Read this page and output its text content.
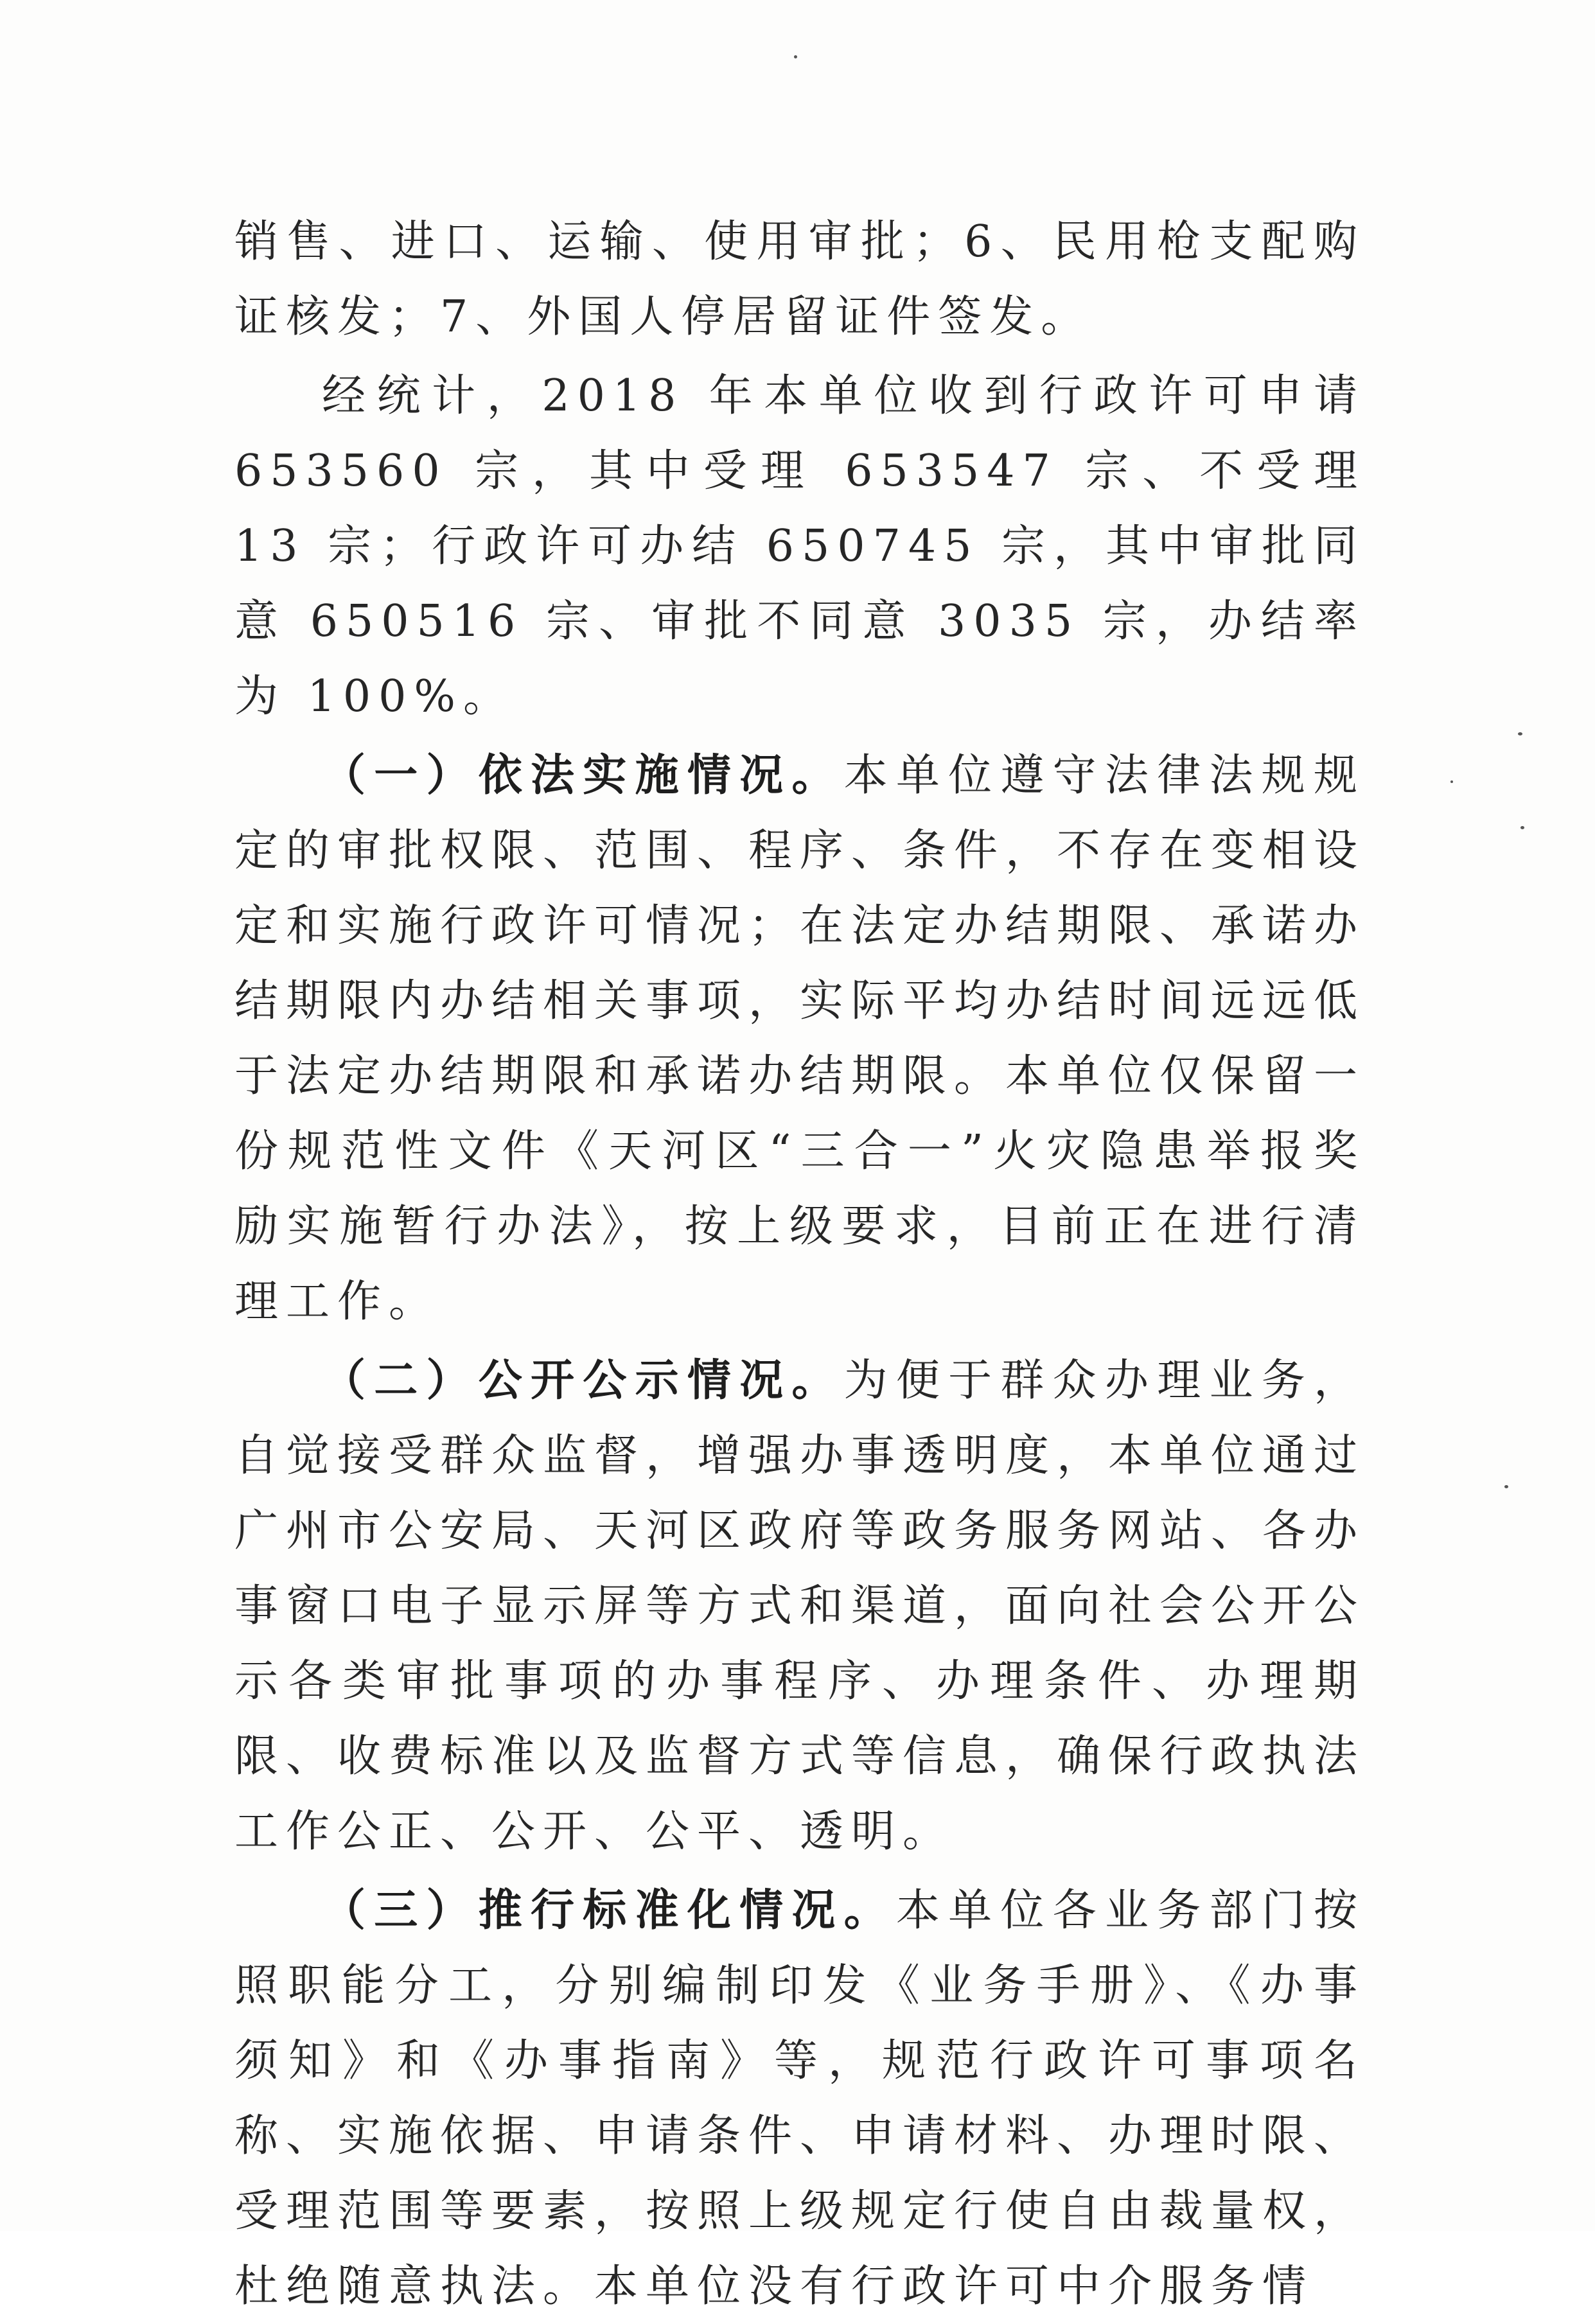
销售、进口、运输、使用审批；6、民用枪支配购证核发；7、外国人停居留证件签发。

经统计，2018 年本单位收到行政许可申请 653560 宗，其中受理 653547 宗、不受理 13 宗；行政许可办结 650745 宗，其中审批同意 650516 宗、审批不同意 3035 宗，办结率为 100%。

（一）依法实施情况。本单位遵守法律法规规定的审批权限、范围、程序、条件，不存在变相设定和实施行政许可情况；在法定办结期限、承诺办结期限内办结相关事项，实际平均办结时间远远低于法定办结期限和承诺办结期限。本单位仅保留一份规范性文件《天河区“三合一”火灾隐患举报奖励实施暂行办法》，按上级要求，目前正在进行清理工作。

（二）公开公示情况。为便于群众办理业务，自觉接受群众监督，增强办事透明度，本单位通过广州市公安局、天河区政府等政务服务网站、各办事窗口电子显示屏等方式和渠道，面向社会公开公示各类审批事项的办事程序、办理条件、办理期限、收费标准以及监督方式等信息，确保行政执法工作公正、公开、公平、透明。

（三）推行标准化情况。本单位各业务部门按照职能分工，分别编制印发《业务手册》、《办事须知》和《办事指南》等，规范行政许可事项名称、实施依据、申请条件、申请材料、办理时限、受理范围等要素，按照上级规定行使自由裁量权，杜绝随意执法。本单位没有行政许可中介服务情
